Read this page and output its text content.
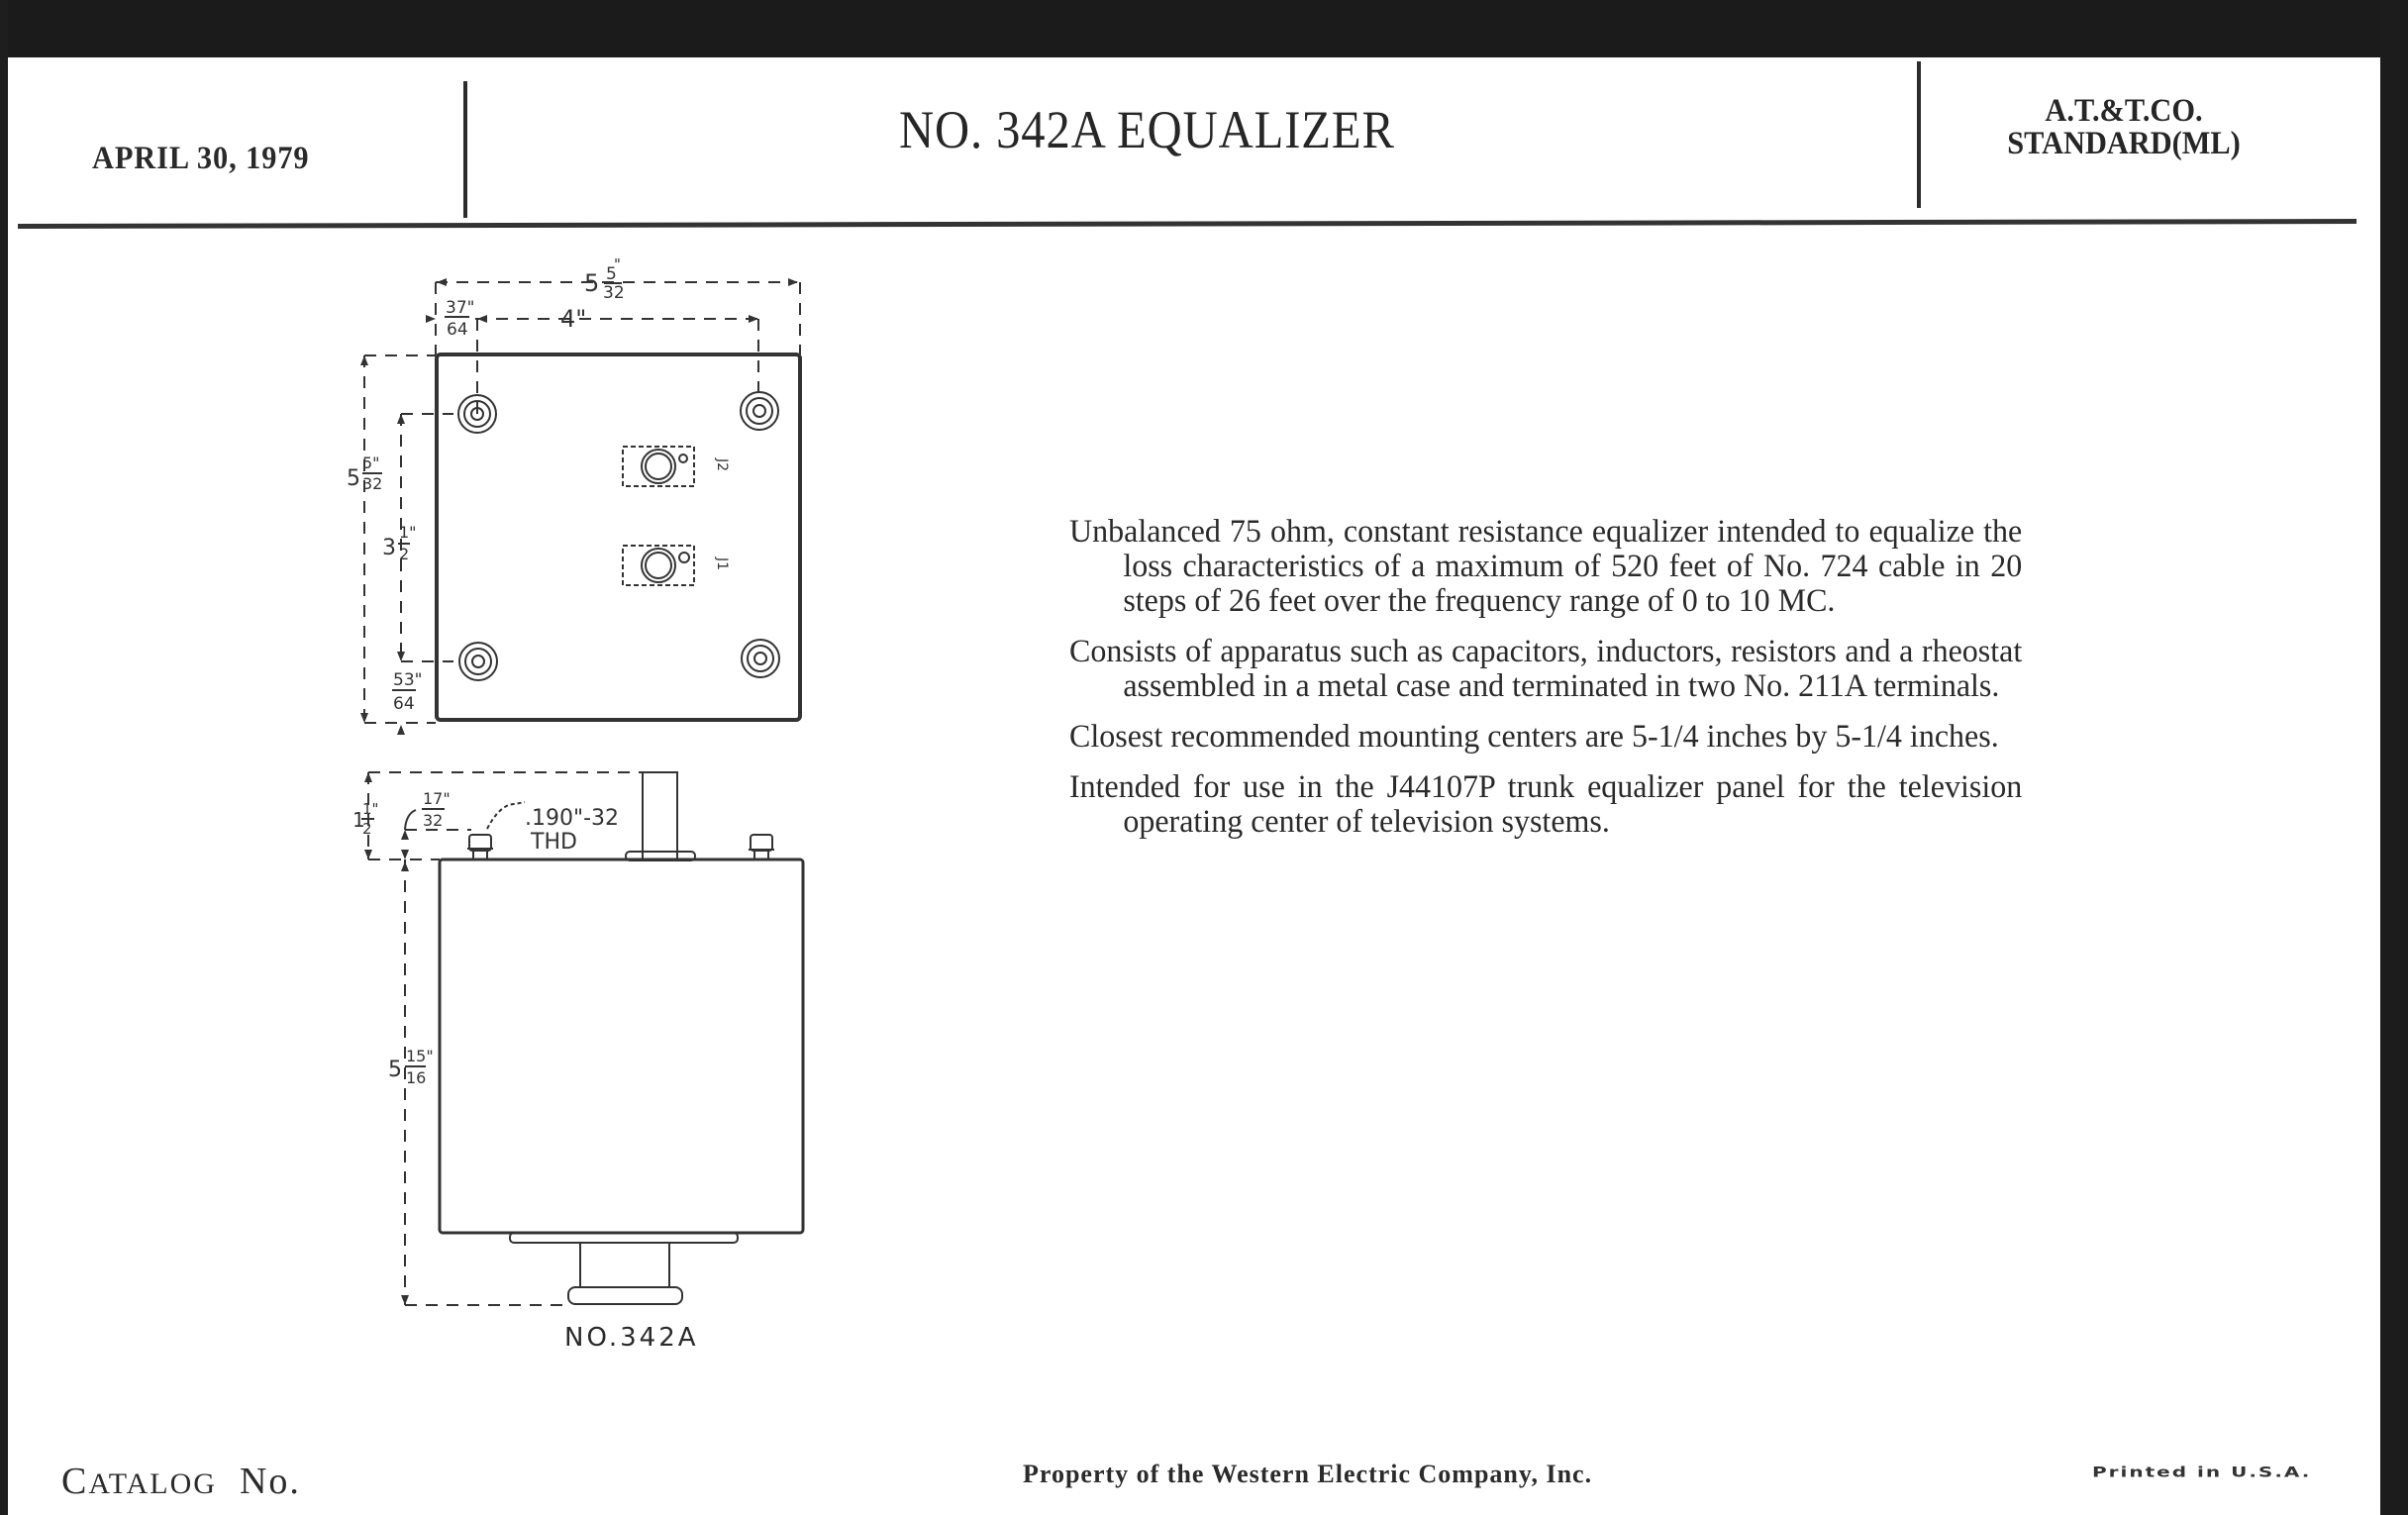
APRIL 30, 1979	NO. 342A EQUALIZER	A.T.&T.CO.
STANDARD(ML)
5 5
32
"
37"
64	4"
5
5"
32
3
1"
2
53"
64
J2
J1
1
1"
2
17"
32	.190"-32
THD
5
15"
16
NO.342A

Unbalanced 75 ohm, constant resistance equalizer intended to equalize the loss characteristics of a maximum of 520 feet of No. 724 cable in 20 steps of 26 feet over the frequency range of 0 to 10 MC.

Consists of apparatus such as capacitors, inductors, resistors and a rheostat assembled in a metal case and terminated in two No. 211A terminals.

Closest recommended mounting centers are 5-1/4 inches by 5-1/4 inches.

Intended for use in the J44107P trunk equalizer panel for the television operating center of television systems.

CATALOG No.	Property of the Western Electric Company, Inc.	Printed in U.S.A.
